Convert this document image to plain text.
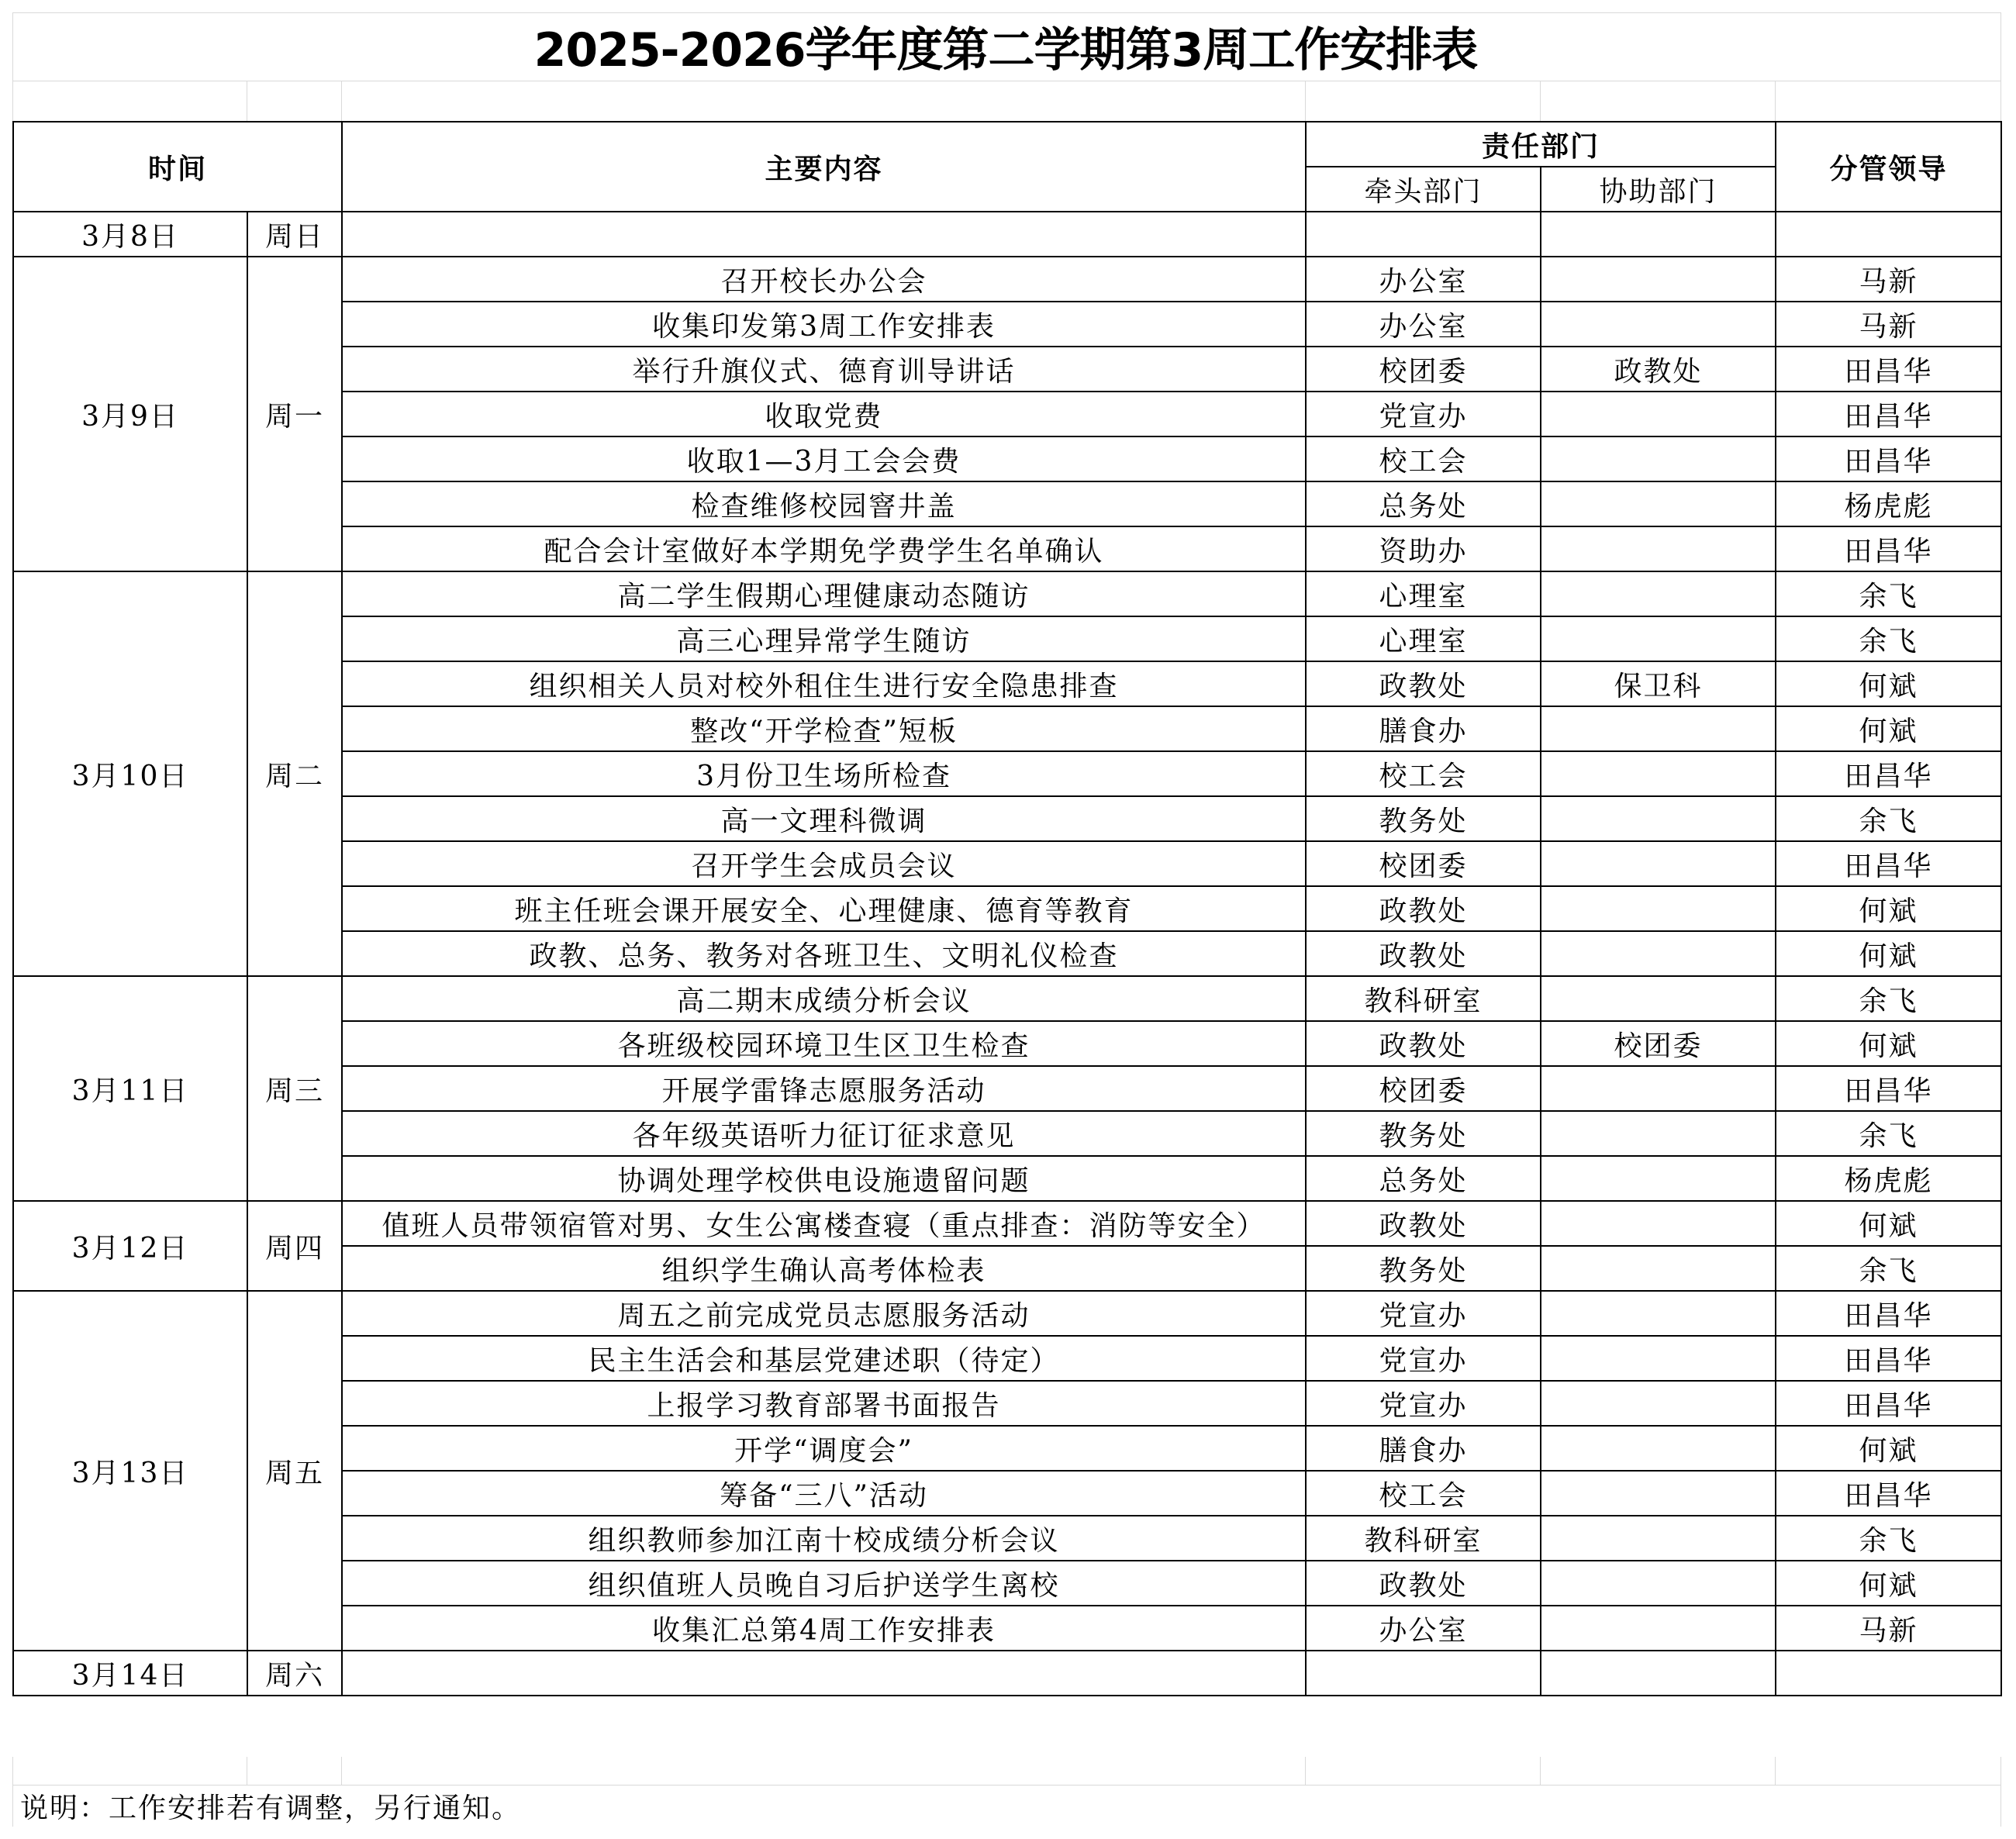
2025-2026学年度第二学期第3周工作安排表
时间		主要内容	责任部门		分管领导
			牵头部门	协助部门	
3月8日	周日				
3月9日	周一	召开校长办公会	办公室		马新
		收集印发第3周工作安排表	办公室		马新
		举行升旗仪式、德育训导讲话	校团委	政教处	田昌华
		收取党费	党宣办		田昌华
		收取1—3月工会会费	校工会		田昌华
		检查维修校园窨井盖	总务处		杨虎彪
		配合会计室做好本学期免学费学生名单确认	资助办		田昌华
3月10日	周二	高二学生假期心理健康动态随访	心理室		余飞
		高三心理异常学生随访	心理室		余飞
		组织相关人员对校外租住生进行安全隐患排查	政教处	保卫科	何斌
		整改“开学检查”短板	膳食办		何斌
		3月份卫生场所检查	校工会		田昌华
		高一文理科微调	教务处		余飞
		召开学生会成员会议	校团委		田昌华
		班主任班会课开展安全、心理健康、德育等教育	政教处		何斌
		政教、总务、教务对各班卫生、文明礼仪检查	政教处		何斌
3月11日	周三	高二期末成绩分析会议	教科研室		余飞
		各班级校园环境卫生区卫生检查	政教处	校团委	何斌
		开展学雷锋志愿服务活动	校团委		田昌华
		各年级英语听力征订征求意见	教务处		余飞
		协调处理学校供电设施遗留问题	总务处		杨虎彪
3月12日	周四	值班人员带领宿管对男、女生公寓楼查寝（重点排查：消防等安全）	政教处		何斌
		组织学生确认高考体检表	教务处		余飞
3月13日	周五	周五之前完成党员志愿服务活动	党宣办		田昌华
		民主生活会和基层党建述职（待定）	党宣办		田昌华
		上报学习教育部署书面报告	党宣办		田昌华
		开学“调度会”	膳食办		何斌
		筹备“三八”活动	校工会		田昌华
		组织教师参加江南十校成绩分析会议	教科研室		余飞
		组织值班人员晚自习后护送学生离校	政教处		何斌
		收集汇总第4周工作安排表	办公室		马新
3月14日	周六				
说明：工作安排若有调整，另行通知。
